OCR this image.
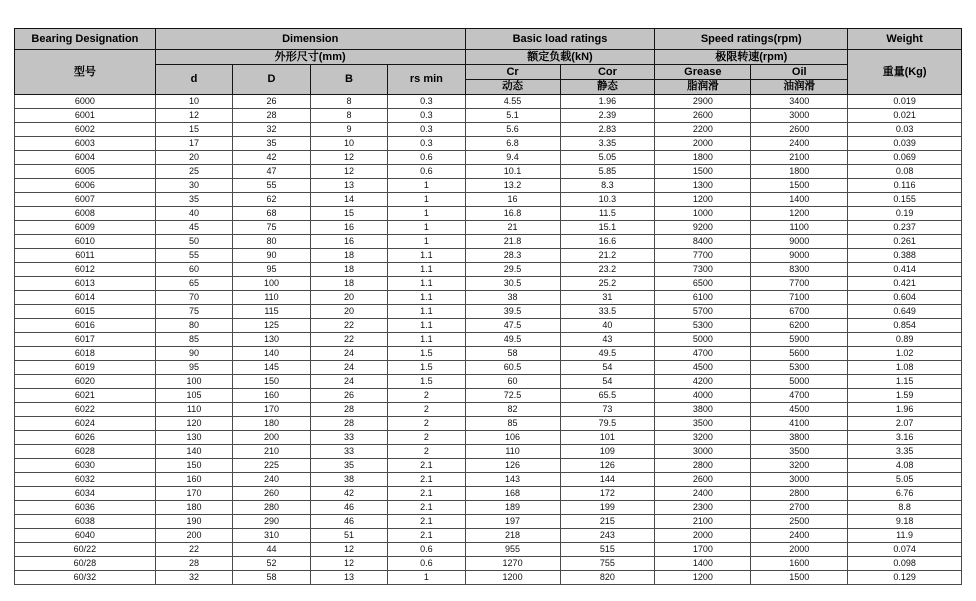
Bearing Designation	Dimension				Basic load ratings		Speed ratings(rpm)		Weight
型号	外形尺寸(mm)				额定负载(kN)		极限转速(rpm)		重量(Kg)
	d	D	B	rs min	Cr	Cor	Grease	Oil	
					动态	静态	脂润滑	油润滑	
6000	10	26	8	0.3	4.55	1.96	2900	3400	0.019
6001	12	28	8	0.3	5.1	2.39	2600	3000	0.021
6002	15	32	9	0.3	5.6	2.83	2200	2600	0.03
6003	17	35	10	0.3	6.8	3.35	2000	2400	0.039
6004	20	42	12	0.6	9.4	5.05	1800	2100	0.069
6005	25	47	12	0.6	10.1	5.85	1500	1800	0.08
6006	30	55	13	1	13.2	8.3	1300	1500	0.116
6007	35	62	14	1	16	10.3	1200	1400	0.155
6008	40	68	15	1	16.8	11.5	1000	1200	0.19
6009	45	75	16	1	21	15.1	9200	1100	0.237
6010	50	80	16	1	21.8	16.6	8400	9000	0.261
6011	55	90	18	1.1	28.3	21.2	7700	9000	0.388
6012	60	95	18	1.1	29.5	23.2	7300	8300	0.414
6013	65	100	18	1.1	30.5	25.2	6500	7700	0.421
6014	70	110	20	1.1	38	31	6100	7100	0.604
6015	75	115	20	1.1	39.5	33.5	5700	6700	0.649
6016	80	125	22	1.1	47.5	40	5300	6200	0.854
6017	85	130	22	1.1	49.5	43	5000	5900	0.89
6018	90	140	24	1.5	58	49.5	4700	5600	1.02
6019	95	145	24	1.5	60.5	54	4500	5300	1.08
6020	100	150	24	1.5	60	54	4200	5000	1.15
6021	105	160	26	2	72.5	65.5	4000	4700	1.59
6022	110	170	28	2	82	73	3800	4500	1.96
6024	120	180	28	2	85	79.5	3500	4100	2.07
6026	130	200	33	2	106	101	3200	3800	3.16
6028	140	210	33	2	110	109	3000	3500	3.35
6030	150	225	35	2.1	126	126	2800	3200	4.08
6032	160	240	38	2.1	143	144	2600	3000	5.05
6034	170	260	42	2.1	168	172	2400	2800	6.76
6036	180	280	46	2.1	189	199	2300	2700	8.8
6038	190	290	46	2.1	197	215	2100	2500	9.18
6040	200	310	51	2.1	218	243	2000	2400	11.9
60/22	22	44	12	0.6	955	515	1700	2000	0.074
60/28	28	52	12	0.6	1270	755	1400	1600	0.098
60/32	32	58	13	1	1200	820	1200	1500	0.129
